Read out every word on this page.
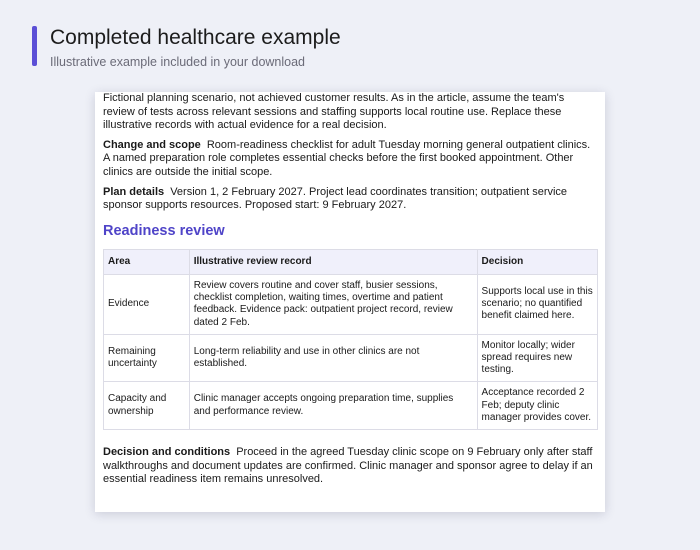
Completed healthcare example

Illustrative example included in your download

Fictional planning scenario, not achieved customer results. As in the article, assume the team's review of tests across relevant sessions and staffing supports local routine use. Replace these illustrative records with actual evidence for a real decision.

Change and scope Room-readiness checklist for adult Tuesday morning general outpatient clinics. A named preparation role completes essential checks before the first booked appointment. Other clinics are outside the initial scope.

Plan details Version 1, 2 February 2027. Project lead coordinates transition; outpatient service sponsor supports resources. Proposed start: 9 February 2027.

Readiness review
Area	Illustrative review record	Decision
Evidence	Review covers routine and cover staff, busier sessions, checklist completion, waiting times, overtime and patient feedback. Evidence pack: outpatient project record, review dated 2 Feb.	Supports local use in this scenario; no quantified benefit claimed here.
Remaining uncertainty	Long-term reliability and use in other clinics are not established.	Monitor locally; wider spread requires new testing.
Capacity and ownership	Clinic manager accepts ongoing preparation time, supplies and performance review.	Acceptance recorded 2 Feb; deputy clinic manager provides cover.

Decision and conditions Proceed in the agreed Tuesday clinic scope on 9 February only after staff walkthroughs and document updates are confirmed. Clinic manager and sponsor agree to delay if an essential readiness item remains unresolved.
